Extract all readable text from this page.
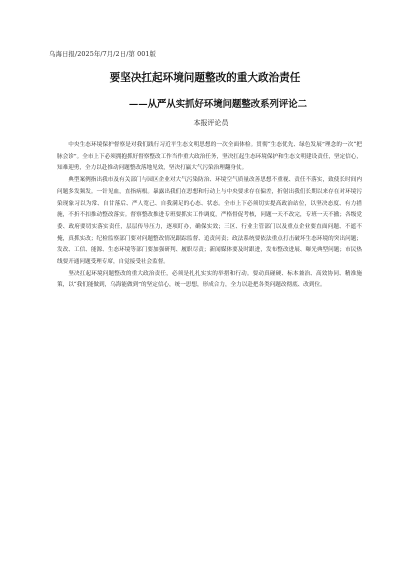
乌海日报/2025年/7月/2日/第 001版
要坚决扛起环境问题整改的重大政治责任
——从严从实抓好环境问题整改系列评论二
本报评论员

中央生态环境保护督察是对我们践行习近平生态文明思想的一次全面体检。贯彻“生态优先、绿色发展”理念的一次“把脉会诊”。全市上下必须拥抱抓好督察整改工作当作重大政治任务，坚决扛起生态环境保护和生态文明建设责任，坚定信心，知难迎勇，全力以赴推动问题整改落地见效，坚决打赢大气污染治理翻身仗。

典型案例指出我市及有关部门与园区企业对大气污染防治、环境空气质量改善思想不重视、责任不落实，致使长时间内问题多发频发。一针见血，直指病根。暴露出我们在思想和行动上与中央要求存在偏差，折射出我们长期以来存在对环境污染现象习以为常、自甘落后、严人宽己、自我满足的心态、状态。全市上下必须切实提高政治站位，以坚决态度、有力措施，不折不扣推动整改落实。督察整改推进专班要抓实工作调度，严格督促考核，问题一天不改完，专班一天不撤；各级党委、政府要切实落实责任，层层传导压力，逐项盯办，确保实效；三区、行业主管部门以及重点企业要直面问题、不遮不掩，真抓实改；纪检监察部门要对问题整改情况跟踪监督、追责问责；政法系统要依法重点打击破坏生态环境的突出问题；发改、工信、能源、生态环境等部门要加强研判、履职尽责；新闻媒体要及时跟进，发布整改进展、曝光典型问题；市民热线要开通问题受理专席，自觉接受社会监督。

坚决扛起环境问题整改的重大政治责任，必须是扎扎实实的举措和行动。要动真碰硬、标本兼治、高效协同、精准施策，以“我们能做到，乌海能做到”的坚定信心，统一思想，形成合力，全力以赴把各类问题改彻底、改到位。
